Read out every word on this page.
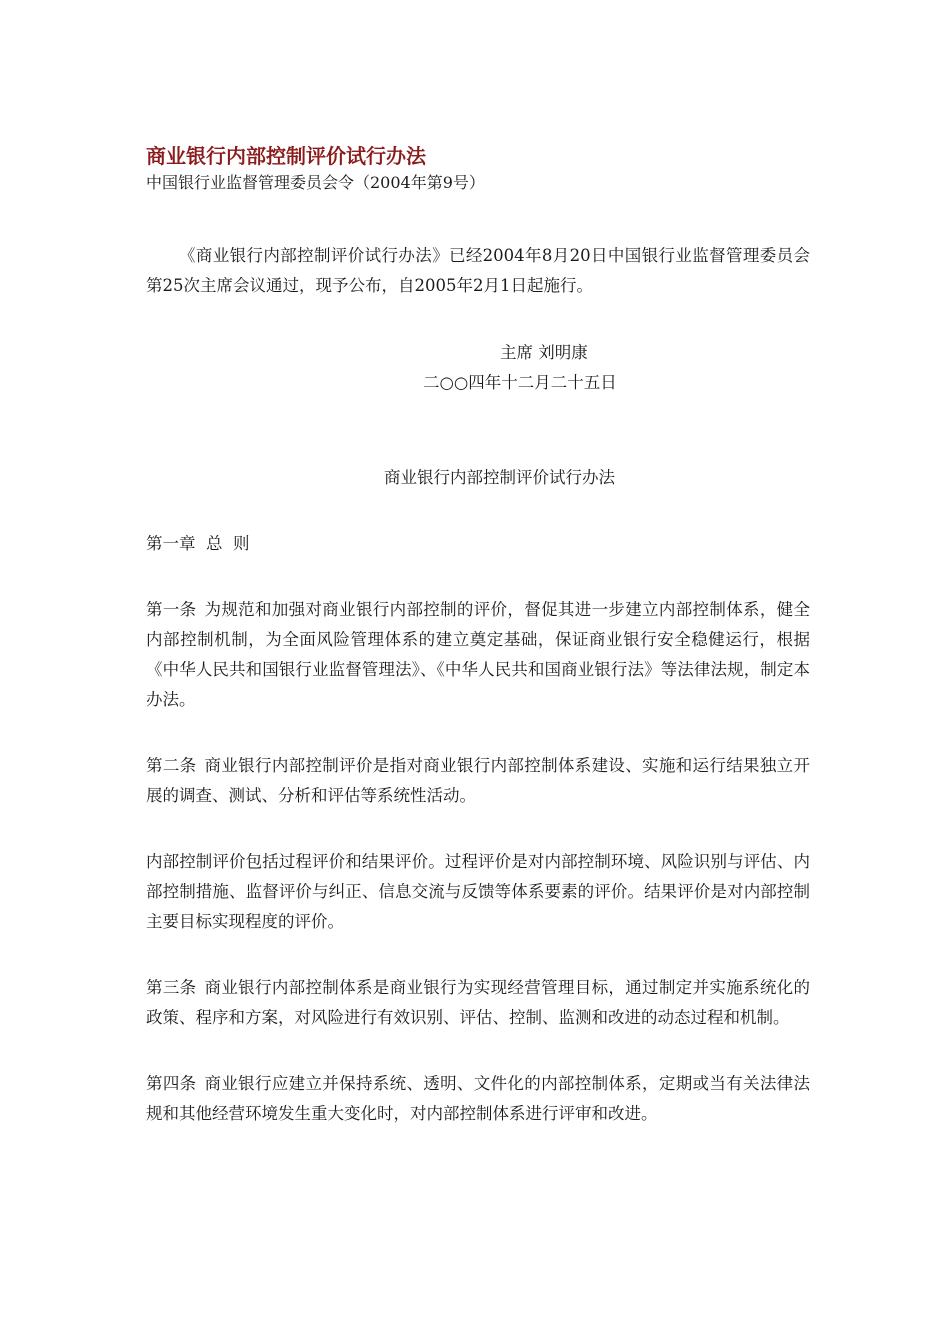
商业银行内部控制评价试行办法

中国银行业监督管理委员会令（2004年第9号）

《商业银行内部控制评价试行办法》已经2004年8月20日中国银行业监督管理委员会第25次主席会议通过，现予公布，自2005年2月1日起施行。

主席 刘明康

二○○四年十二月二十五日

商业银行内部控制评价试行办法

第一章  总  则

第一条 为规范和加强对商业银行内部控制的评价，督促其进一步建立内部控制体系，健全内部控制机制，为全面风险管理体系的建立奠定基础，保证商业银行安全稳健运行，根据《中华人民共和国银行业监督管理法》、《中华人民共和国商业银行法》等法律法规，制定本办法。

第二条 商业银行内部控制评价是指对商业银行内部控制体系建设、实施和运行结果独立开展的调查、测试、分析和评估等系统性活动。

内部控制评价包括过程评价和结果评价。过程评价是对内部控制环境、风险识别与评估、内部控制措施、监督评价与纠正、信息交流与反馈等体系要素的评价。结果评价是对内部控制主要目标实现程度的评价。

第三条 商业银行内部控制体系是商业银行为实现经营管理目标，通过制定并实施系统化的政策、程序和方案，对风险进行有效识别、评估、控制、监测和改进的动态过程和机制。

第四条 商业银行应建立并保持系统、透明、文件化的内部控制体系，定期或当有关法律法规和其他经营环境发生重大变化时，对内部控制体系进行评审和改进。
